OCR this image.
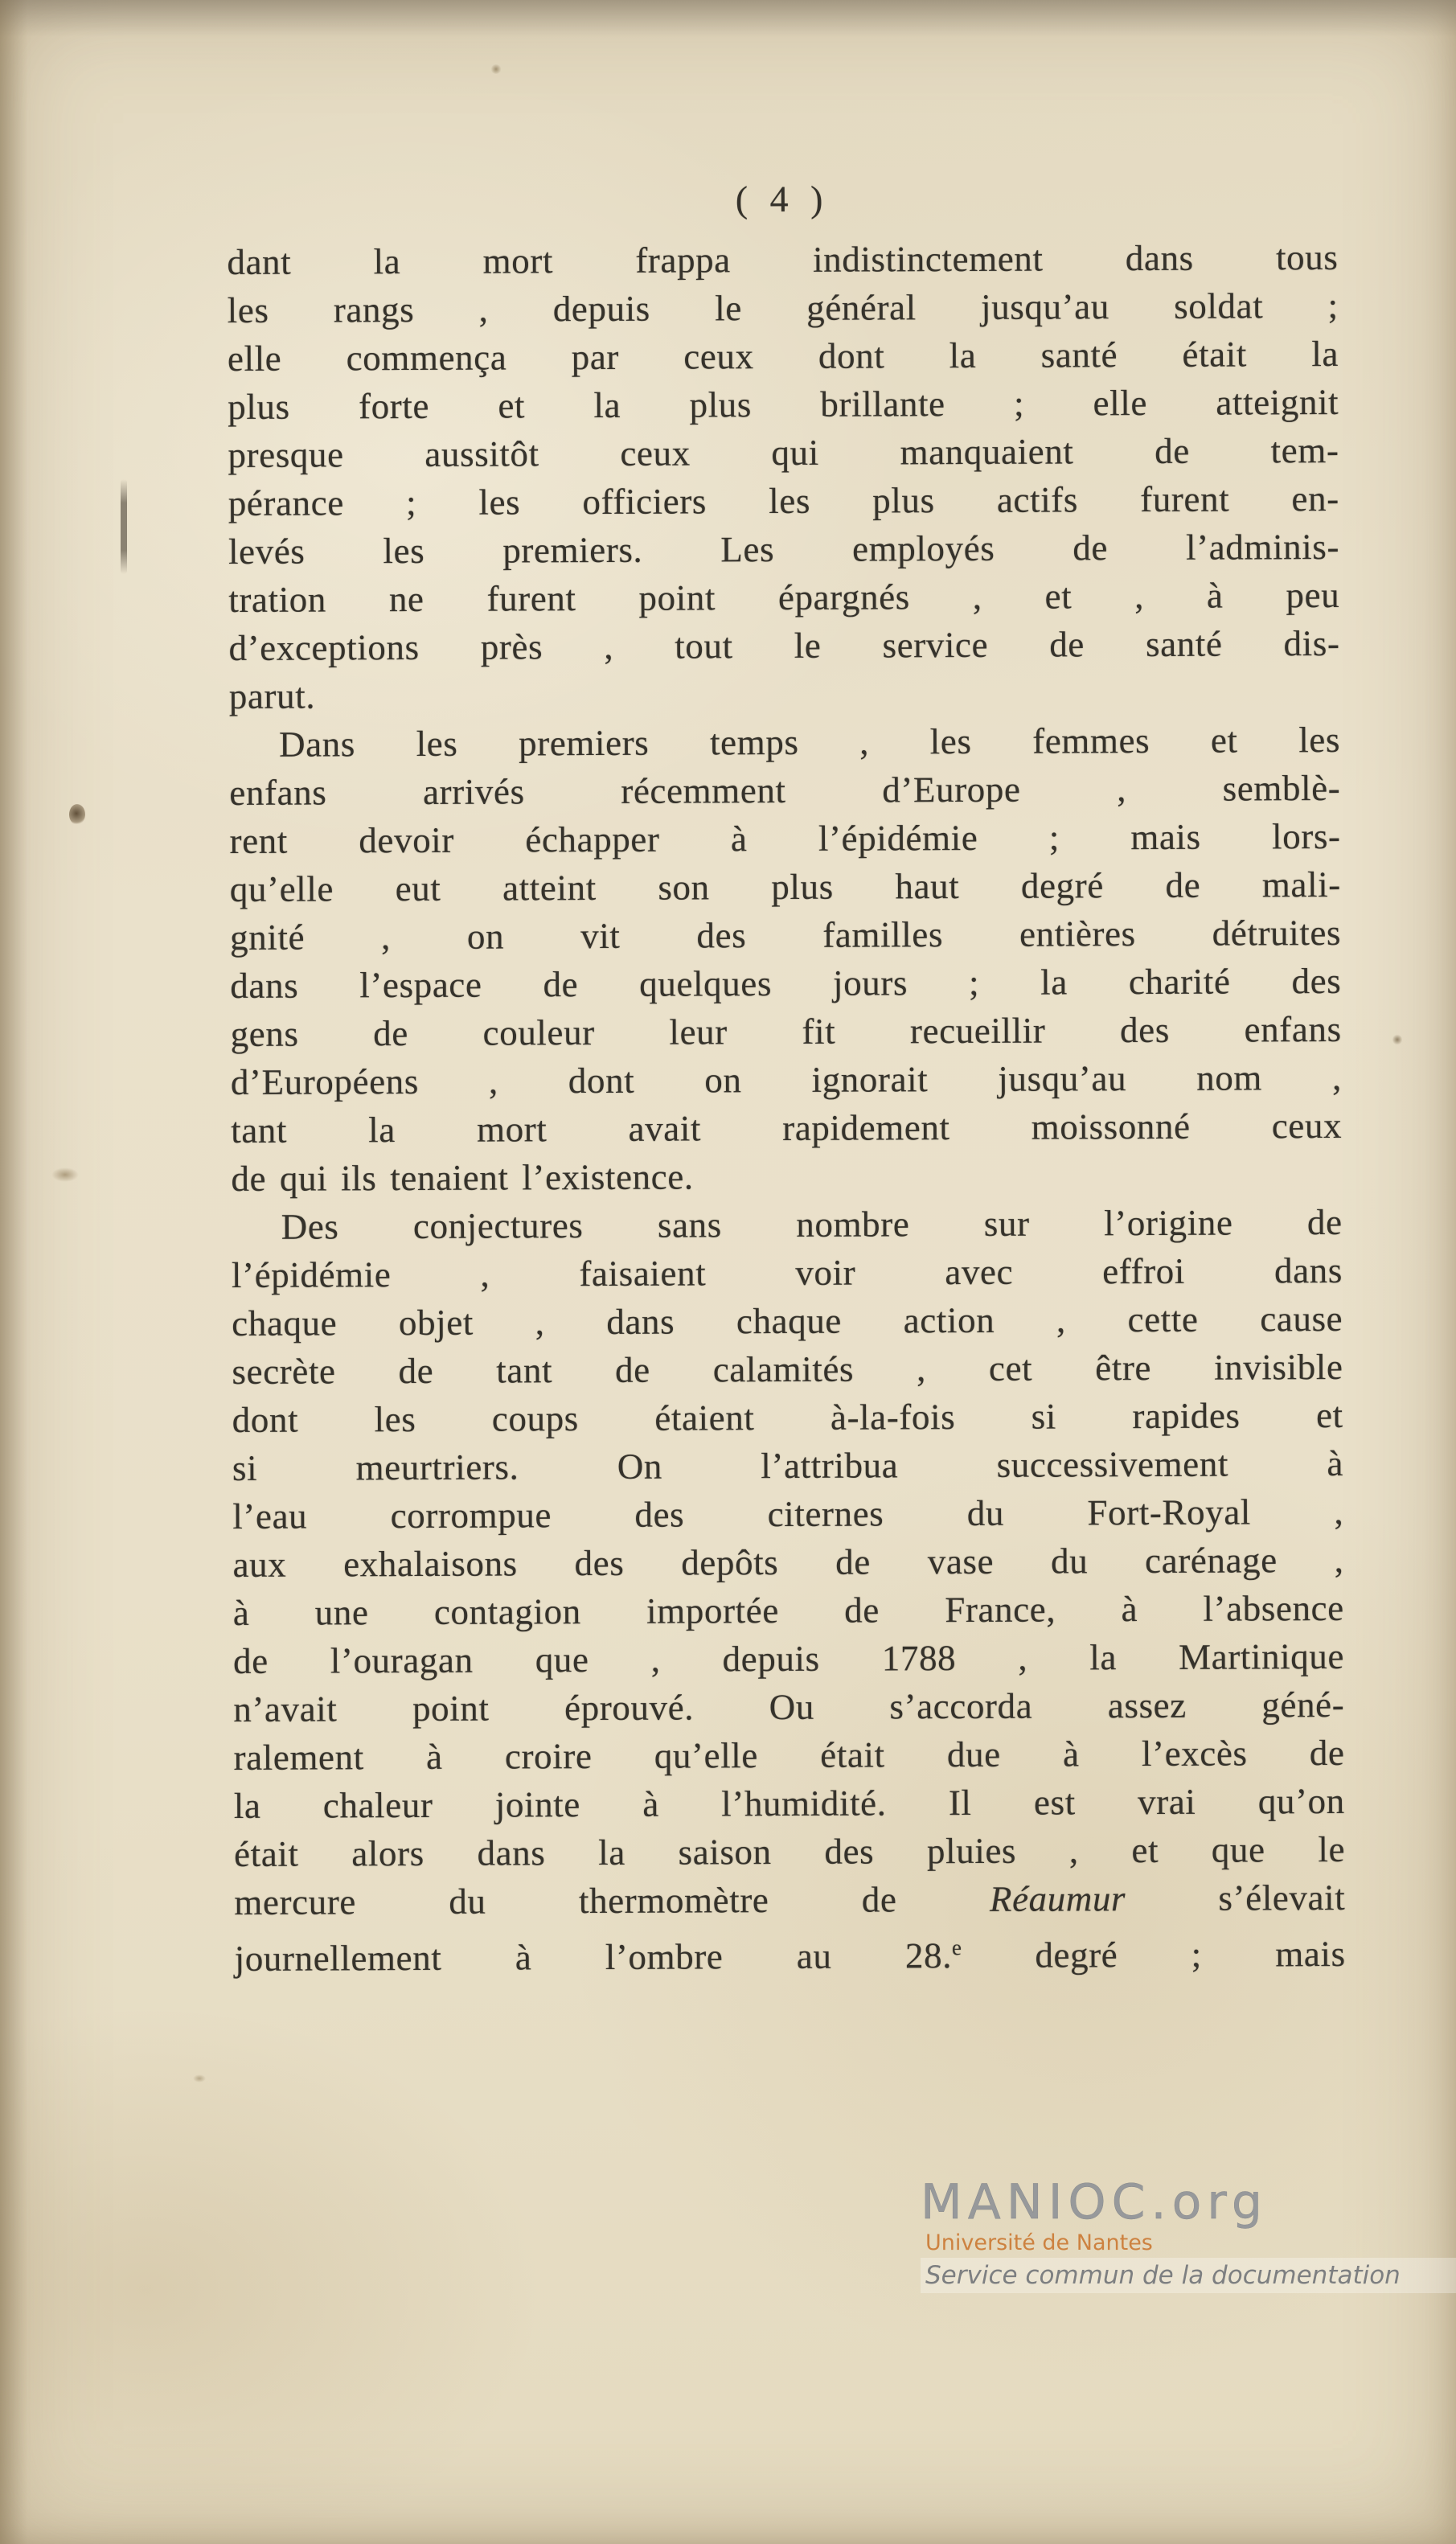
( 4 )
dant la mort frappa indistinctement dans tous
les rangs , depuis le général jusqu’au soldat ;
elle commença par ceux dont la santé était la
plus forte et la plus brillante ; elle atteignit
presque aussitôt ceux qui manquaient de tem-
pérance ; les officiers les plus actifs furent en-
levés les premiers. Les employés de l’adminis-
tration ne furent point épargnés , et , à peu
d’exceptions près , tout le service de santé dis-
parut.
Dans les premiers temps , les femmes et les
enfans arrivés récemment d’Europe , semblè-
rent devoir échapper à l’épidémie ; mais lors-
qu’elle eut atteint son plus haut degré de mali-
gnité , on vit des familles entières détruites
dans l’espace de quelques jours ; la charité des
gens de couleur leur fit recueillir des enfans
d’Européens , dont on ignorait jusqu’au nom ,
tant la mort avait rapidement moissonné ceux
de qui ils tenaient l’existence.
Des conjectures sans nombre sur l’origine de
l’épidémie , faisaient voir avec effroi dans
chaque objet , dans chaque action , cette cause
secrète de tant de calamités , cet être invisible
dont les coups étaient à-la-fois si rapides et
si meurtriers. On l’attribua successivement à
l’eau corrompue des citernes du Fort-Royal ,
aux exhalaisons des depôts de vase du carénage ,
à une contagion importée de France, à l’absence
de l’ouragan que , depuis 1788 , la Martinique
n’avait point éprouvé. Ou s’accorda assez géné-
ralement à croire qu’elle était due à l’excès de
la chaleur jointe à l’humidité. Il est vrai qu’on
était alors dans la saison des pluies , et que le
mercure du thermomètre de Réaumur s’élevait
journellement à l’ombre au 28.$^e$ degré ; mais
MANIOC.org
Université de Nantes
Service commun de la documentation
